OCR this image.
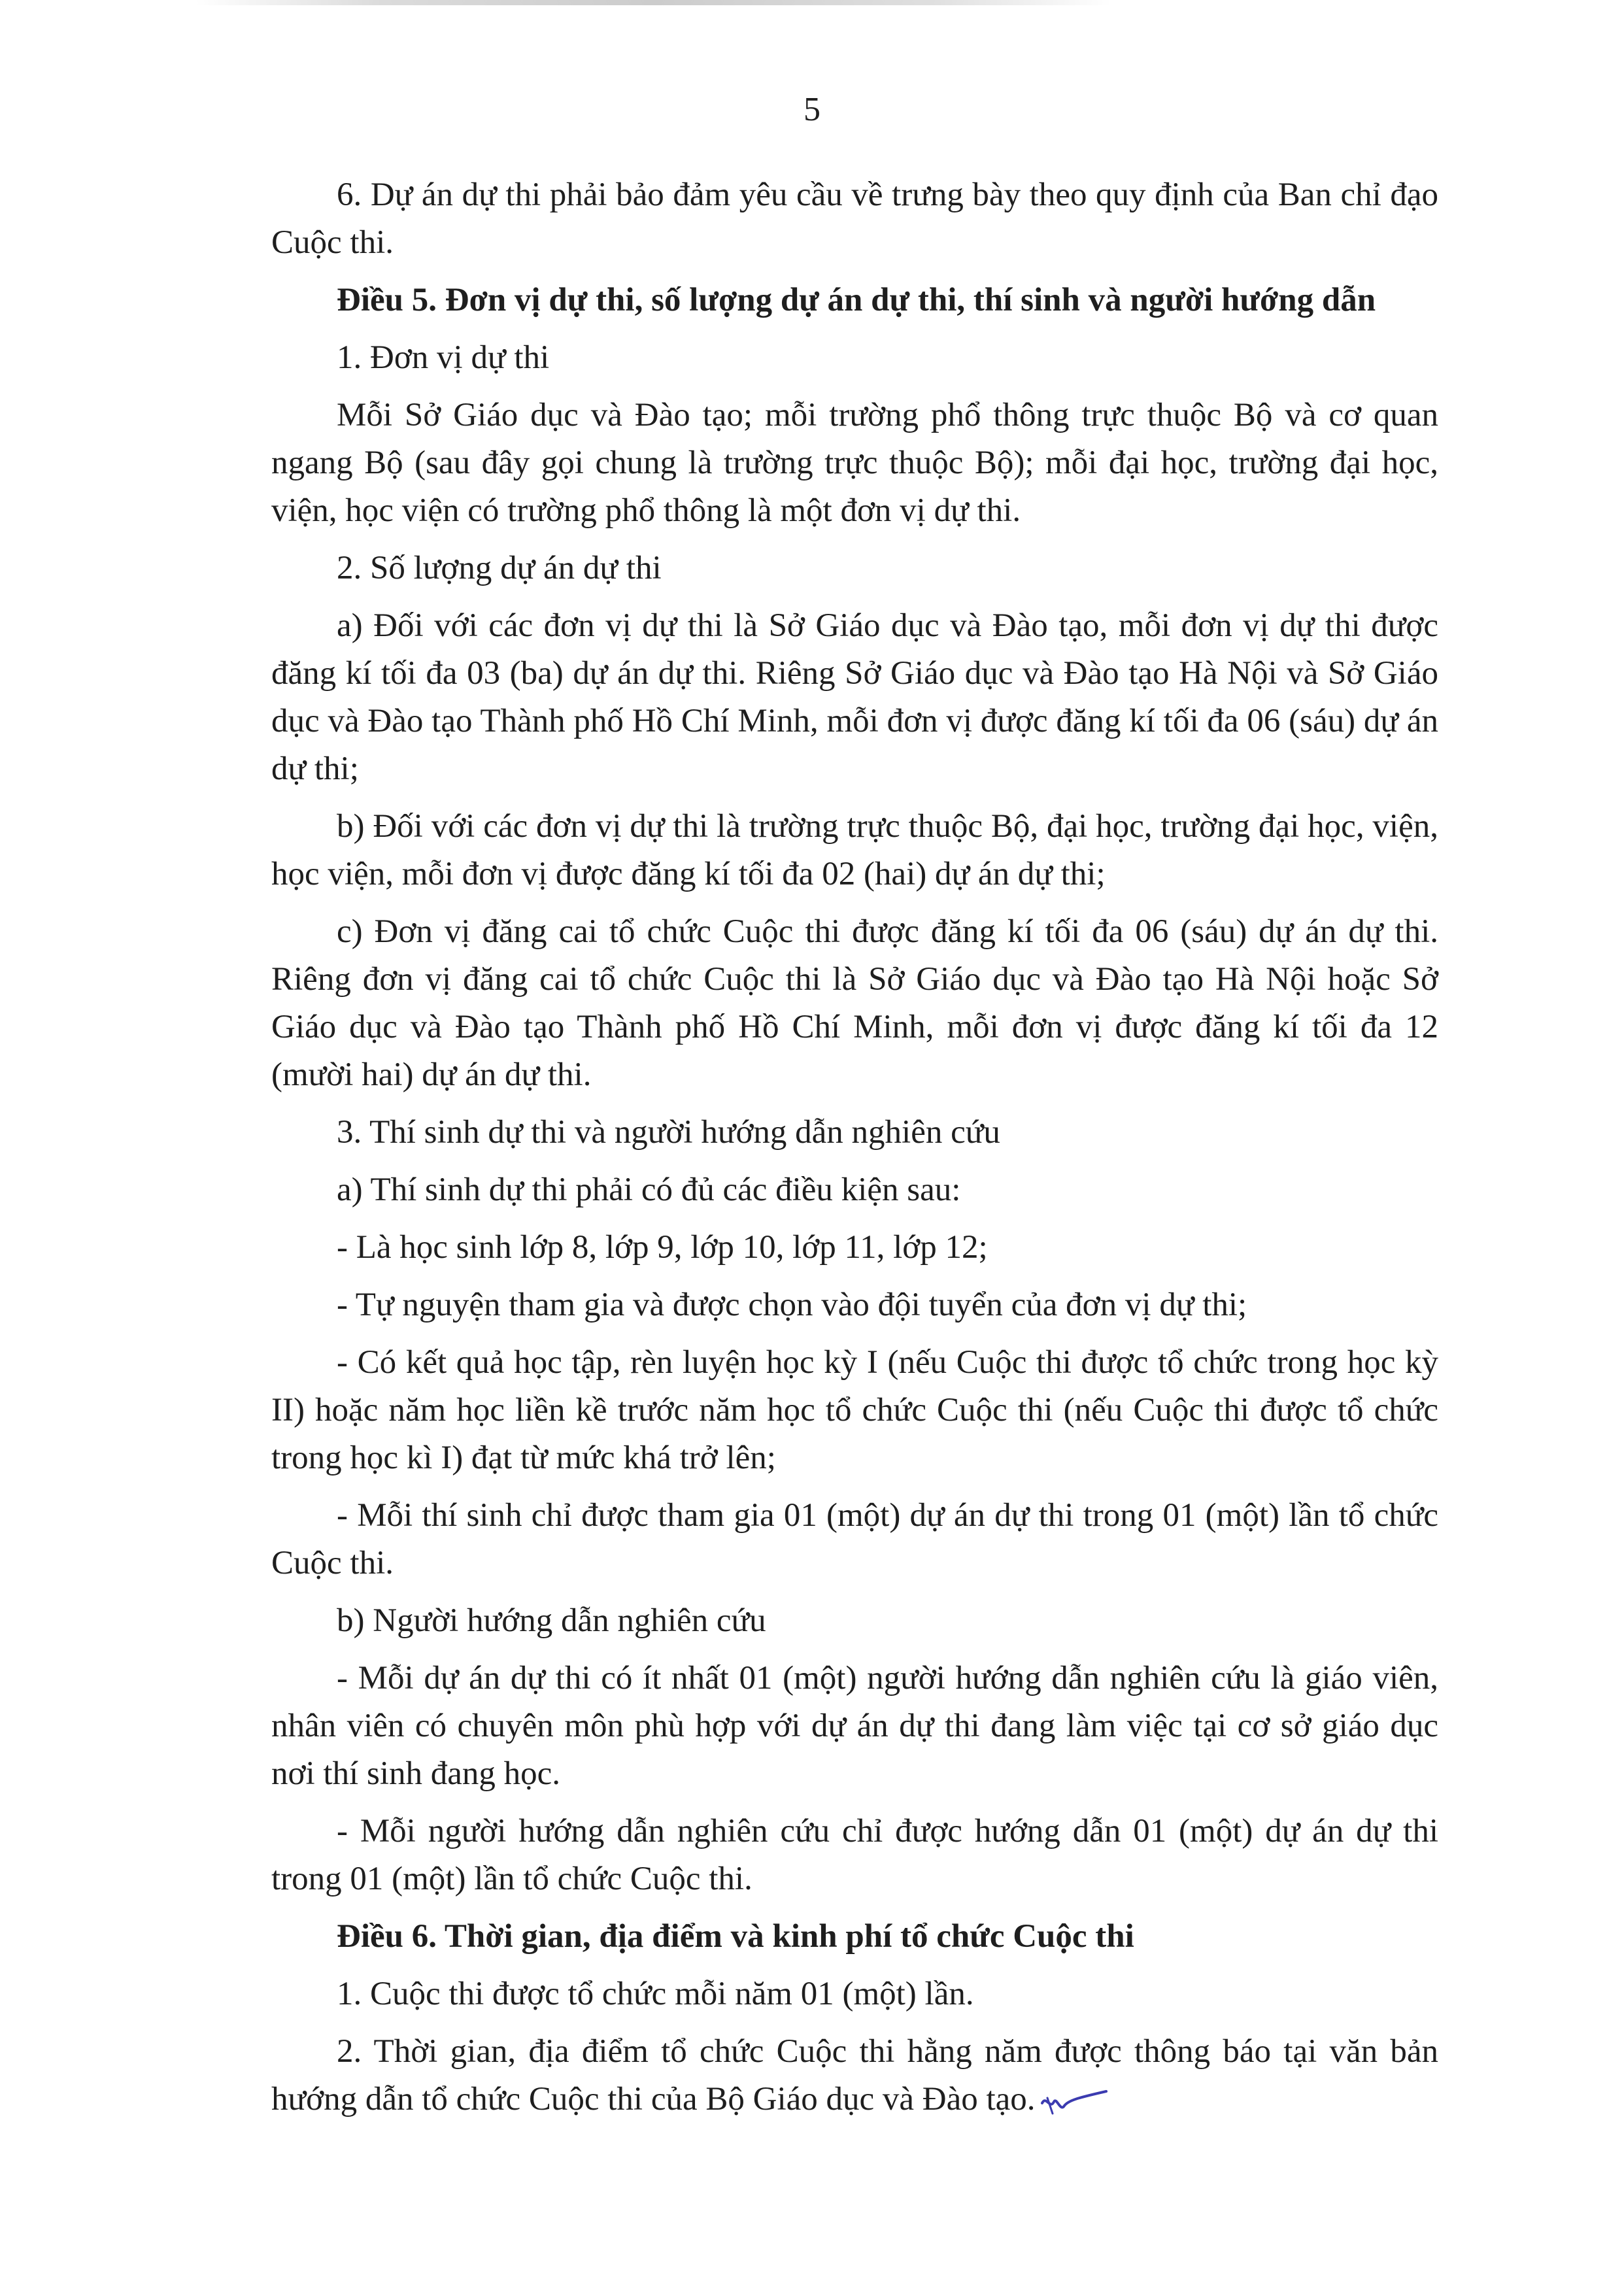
5

6. Dự án dự thi phải bảo đảm yêu cầu về trưng bày theo quy định của Ban chỉ đạo Cuộc thi.

Điều 5. Đơn vị dự thi, số lượng dự án dự thi, thí sinh và người hướng dẫn

1. Đơn vị dự thi

Mỗi Sở Giáo dục và Đào tạo; mỗi trường phổ thông trực thuộc Bộ và cơ quan ngang Bộ (sau đây gọi chung là trường trực thuộc Bộ); mỗi đại học, trường đại học, viện, học viện có trường phổ thông là một đơn vị dự thi.

2. Số lượng dự án dự thi

a) Đối với các đơn vị dự thi là Sở Giáo dục và Đào tạo, mỗi đơn vị dự thi được đăng kí tối đa 03 (ba) dự án dự thi. Riêng Sở Giáo dục và Đào tạo Hà Nội và Sở Giáo dục và Đào tạo Thành phố Hồ Chí Minh, mỗi đơn vị được đăng kí tối đa 06 (sáu) dự án dự thi;

b) Đối với các đơn vị dự thi là trường trực thuộc Bộ, đại học, trường đại học, viện, học viện, mỗi đơn vị được đăng kí tối đa 02 (hai) dự án dự thi;

c) Đơn vị đăng cai tổ chức Cuộc thi được đăng kí tối đa 06 (sáu) dự án dự thi. Riêng đơn vị đăng cai tổ chức Cuộc thi là Sở Giáo dục và Đào tạo Hà Nội hoặc Sở Giáo dục và Đào tạo Thành phố Hồ Chí Minh, mỗi đơn vị được đăng kí tối đa 12 (mười hai) dự án dự thi.

3. Thí sinh dự thi và người hướng dẫn nghiên cứu

a) Thí sinh dự thi phải có đủ các điều kiện sau:

- Là học sinh lớp 8, lớp 9, lớp 10, lớp 11, lớp 12;

- Tự nguyện tham gia và được chọn vào đội tuyển của đơn vị dự thi;

- Có kết quả học tập, rèn luyện học kỳ I (nếu Cuộc thi được tổ chức trong học kỳ II) hoặc năm học liền kề trước năm học tổ chức Cuộc thi (nếu Cuộc thi được tổ chức trong học kì I) đạt từ mức khá trở lên;

- Mỗi thí sinh chỉ được tham gia 01 (một) dự án dự thi trong 01 (một) lần tổ chức Cuộc thi.

b) Người hướng dẫn nghiên cứu

- Mỗi dự án dự thi có ít nhất 01 (một) người hướng dẫn nghiên cứu là giáo viên, nhân viên có chuyên môn phù hợp với dự án dự thi đang làm việc tại cơ sở giáo dục nơi thí sinh đang học.

- Mỗi người hướng dẫn nghiên cứu chỉ được hướng dẫn 01 (một) dự án dự thi trong 01 (một) lần tổ chức Cuộc thi.

Điều 6. Thời gian, địa điểm và kinh phí tổ chức Cuộc thi

1. Cuộc thi được tổ chức mỗi năm 01 (một) lần.

2. Thời gian, địa điểm tổ chức Cuộc thi hằng năm được thông báo tại văn bản hướng dẫn tổ chức Cuộc thi của Bộ Giáo dục và Đào tạo.
